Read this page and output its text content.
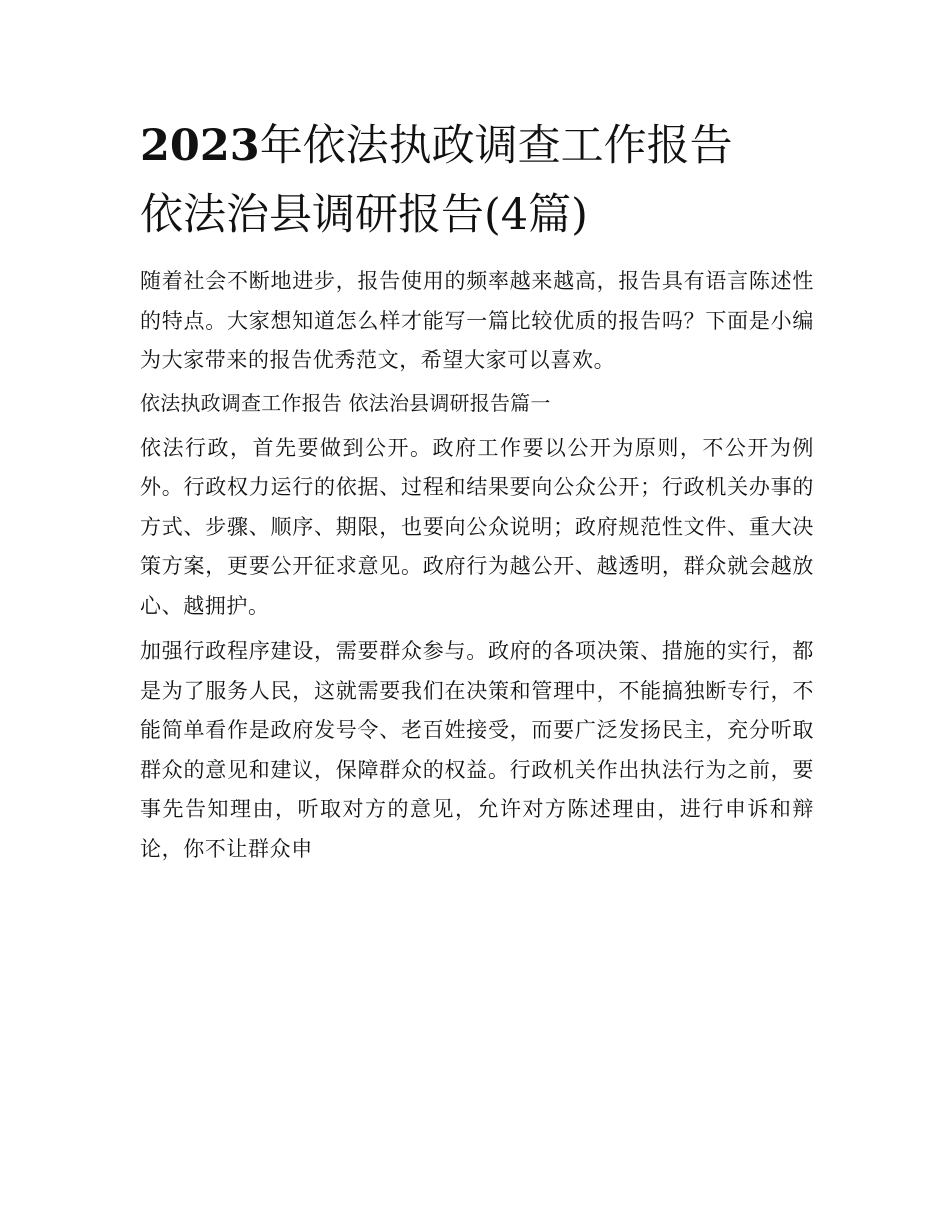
2023年依法执政调查工作报告
依法治县调研报告(4篇)

随着社会不断地进步，报告使用的频率越来越高，报告具有语言陈述性的特点。大家想知道怎么样才能写一篇比较优质的报告吗？下面是小编为大家带来的报告优秀范文，希望大家可以喜欢。

依法执政调查工作报告 依法治县调研报告篇一

依法行政，首先要做到公开。政府工作要以公开为原则，不公开为例外。行政权力运行的依据、过程和结果要向公众公开；行政机关办事的方式、步骤、顺序、期限，也要向公众说明；政府规范性文件、重大决策方案，更要公开征求意见。政府行为越公开、越透明，群众就会越放心、越拥护。

加强行政程序建设，需要群众参与。政府的各项决策、措施的实行，都是为了服务人民，这就需要我们在决策和管理中，不能搞独断专行，不能简单看作是政府发号令、老百姓接受，而要广泛发扬民主，充分听取群众的意见和建议，保障群众的权益。行政机关作出执法行为之前，要事先告知理由，听取对方的意见，允许对方陈述理由，进行申诉和辩论，你不让群众申
